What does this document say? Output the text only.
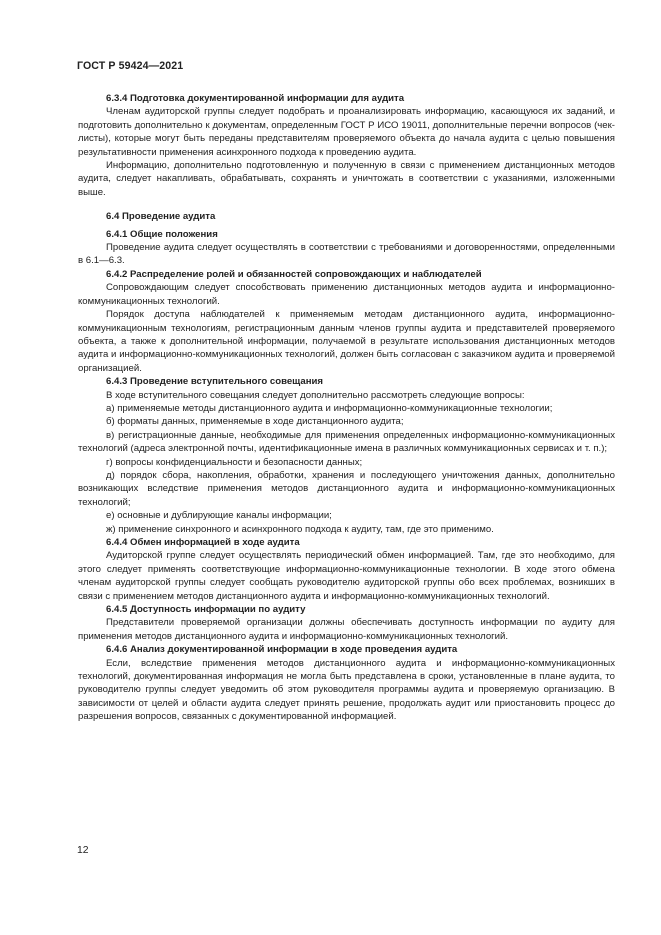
ГОСТ Р 59424—2021
6.3.4 Подготовка документированной информации для аудита

Членам аудиторской группы следует подобрать и проанализировать информацию, касающуюся их заданий, и подготовить дополнительно к документам, определенным ГОСТ Р ИСО 19011, дополнительные перечни вопросов (чек-листы), которые могут быть переданы представителям проверяемого объекта до начала аудита с целью повышения результативности применения асинхронного подхода к проведению аудита.

Информацию, дополнительно подготовленную и полученную в связи с применением дистанционных методов аудита, следует накапливать, обрабатывать, сохранять и уничтожать в соответствии с указаниями, изложенными выше.

6.4 Проведение аудита
6.4.1 Общие положения

Проведение аудита следует осуществлять в соответствии с требованиями и договоренностями, определенными в 6.1—6.3.

6.4.2 Распределение ролей и обязанностей сопровождающих и наблюдателей

Сопровождающим следует способствовать применению дистанционных методов аудита и информационно-коммуникационных технологий.

Порядок доступа наблюдателей к применяемым методам дистанционного аудита, информационно-коммуникационным технологиям, регистрационным данным членов группы аудита и представителей проверяемого объекта, а также к дополнительной информации, получаемой в результате использования дистанционных методов аудита и информационно-коммуникационных технологий, должен быть согласован с заказчиком аудита и проверяемой организацией.

6.4.3 Проведение вступительного совещания

В ходе вступительного совещания следует дополнительно рассмотреть следующие вопросы:

а) применяемые методы дистанционного аудита и информационно-коммуникационные технологии;

б) форматы данных, применяемые в ходе дистанционного аудита;

в) регистрационные данные, необходимые для применения определенных информационно-коммуникационных технологий (адреса электронной почты, идентификационные имена в различных коммуникационных сервисах и т. п.);

г) вопросы конфиденциальности и безопасности данных;

д) порядок сбора, накопления, обработки, хранения и последующего уничтожения данных, дополнительно возникающих вследствие применения методов дистанционного аудита и информационно-коммуникационных технологий;

е) основные и дублирующие каналы информации;

ж) применение синхронного и асинхронного подхода к аудиту, там, где это применимо.

6.4.4 Обмен информацией в ходе аудита

Аудиторской группе следует осуществлять периодический обмен информацией. Там, где это необходимо, для этого следует применять соответствующие информационно-коммуникационные технологии. В ходе этого обмена членам аудиторской группы следует сообщать руководителю аудиторской группы обо всех проблемах, возникших в связи с применением методов дистанционного аудита и информационно-коммуникационных технологий.

6.4.5 Доступность информации по аудиту

Представители проверяемой организации должны обеспечивать доступность информации по аудиту для применения методов дистанционного аудита и информационно-коммуникационных технологий.

6.4.6 Анализ документированной информации в ходе проведения аудита

Если, вследствие применения методов дистанционного аудита и информационно-коммуникационных технологий, документированная информация не могла быть представлена в сроки, установленные в плане аудита, то руководителю группы следует уведомить об этом руководителя программы аудита и проверяемую организацию. В зависимости от целей и области аудита следует принять решение, продолжать аудит или приостановить процесс до разрешения вопросов, связанных с документированной информацией.

12
